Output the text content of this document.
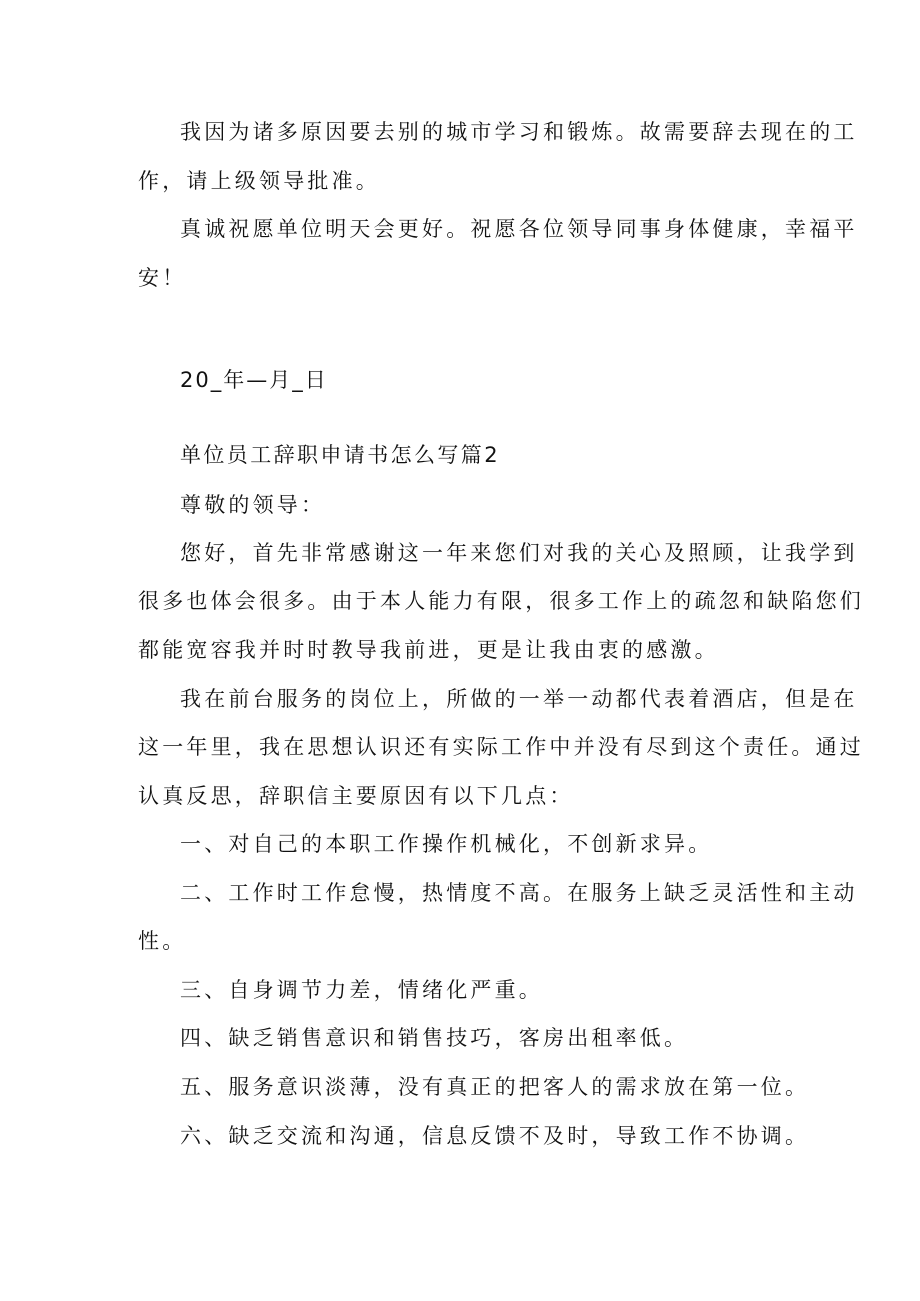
我因为诸多原因要去别的城市学习和锻炼。故需要辞去现在的工
作，请上级领导批准。
真诚祝愿单位明天会更好。祝愿各位领导同事身体健康，幸福平
安！
20_年—月_日
单位员工辞职申请书怎么写篇2
尊敬的领导：
您好，首先非常感谢这一年来您们对我的关心及照顾，让我学到
很多也体会很多。由于本人能力有限，很多工作上的疏忽和缺陷您们
都能宽容我并时时教导我前进，更是让我由衷的感激。
我在前台服务的岗位上，所做的一举一动都代表着酒店，但是在
这一年里，我在思想认识还有实际工作中并没有尽到这个责任。通过
认真反思，辞职信主要原因有以下几点：
一、对自己的本职工作操作机械化，不创新求异。
二、工作时工作怠慢，热情度不高。在服务上缺乏灵活性和主动
性。
三、自身调节力差，情绪化严重。
四、缺乏销售意识和销售技巧，客房出租率低。
五、服务意识淡薄，没有真正的把客人的需求放在第一位。
六、缺乏交流和沟通，信息反馈不及时，导致工作不协调。
